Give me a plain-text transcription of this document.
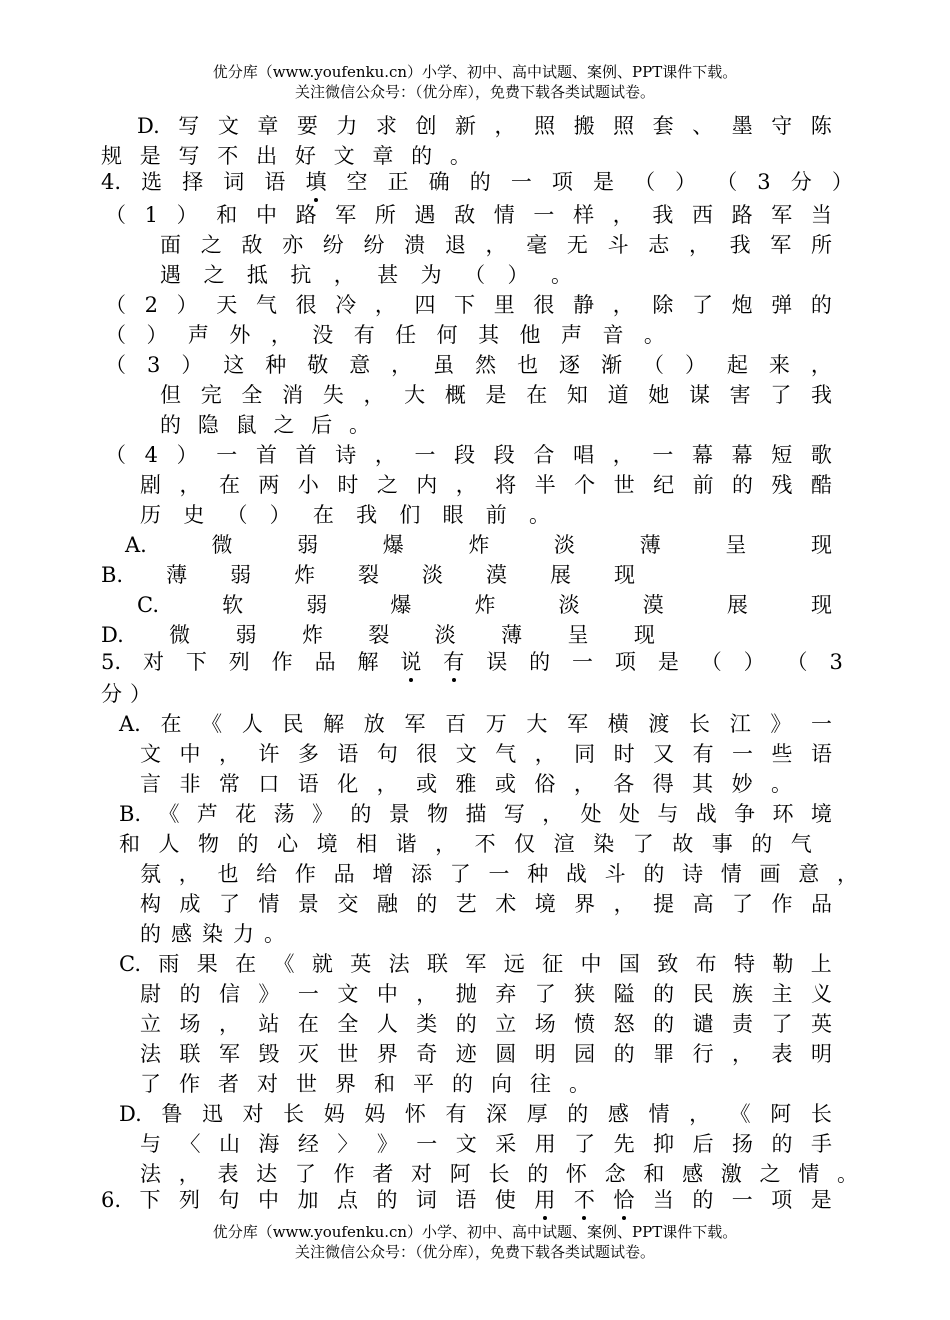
优分库（www.youfenku.cn）小学、初中、高中试题、案例、PPT课件下载。
关注微信公众号：（优分库），免费下载各类试题试卷。
D. 写 文 章 要 力 求 创 新 ， 照 搬 照 套 、 墨 守 陈
规 是 写 不 出 好 文 章 的 。
4. 选 择 词 语 填 空 正 确 的 一 项 是 （ ） （ 3 分 ）
（ 1 ） 和 中 路 军 所 遇 敌 情 一 样 ， 我 西 路 军 当
面 之 敌 亦 纷 纷 溃 退 ， 毫 无 斗 志 ， 我 军 所
遇 之 抵 抗 ， 甚 为 （ ） 。
（ 2 ） 天 气 很 冷 ， 四 下 里 很 静 ， 除 了 炮 弹 的
（ ） 声 外 ， 没 有 任 何 其 他 声 音 。
（ 3 ） 这 种 敬 意 ， 虽 然 也 逐 渐 （ ） 起 来 ，
但 完 全 消 失 ， 大 概 是 在 知 道 她 谋 害 了 我
的 隐 鼠 之 后 。
（ 4 ） 一 首 首 诗 ， 一 段 段 合 唱 ， 一 幕 幕 短 歌
剧 ， 在 两 小 时 之 内 ， 将 半 个 世 纪 前 的 残 酷
历 史 （ ） 在 我 们 眼 前 。
A.	微	弱	爆	炸	淡	薄	呈	现
B. 薄 弱 炸 裂 淡 漠 展 现
C.	软	弱	爆	炸	淡	漠	展	现
D. 微 弱 炸 裂 淡 薄 呈 现
5. 对 下 列 作 品 解 说 有 误 的 一 项 是 （ ） （ 3
分 ）
A. 在 《 人 民 解 放 军 百 万 大 军 横 渡 长 江 》 一
文 中 ， 许 多 语 句 很 文 气 ， 同 时 又 有 一 些 语
言 非 常 口 语 化 ， 或 雅 或 俗 ， 各 得 其 妙 。
B. 《 芦 花 荡 》 的 景 物 描 写 ， 处 处 与 战 争 环 境
和 人 物 的 心 境 相 谐 ， 不 仅 渲 染 了 故 事 的 气
氛 ， 也 给 作 品 增 添 了 一 种 战 斗 的 诗 情 画 意 ，
构 成 了 情 景 交 融 的 艺 术 境 界 ， 提 高 了 作 品
的 感 染 力 。
C. 雨 果 在 《 就 英 法 联 军 远 征 中 国 致 布 特 勒 上
尉 的 信 》 一 文 中 ， 抛 弃 了 狭 隘 的 民 族 主 义
立 场 ， 站 在 全 人 类 的 立 场 愤 怒 的 谴 责 了 英
法 联 军 毁 灭 世 界 奇 迹 圆 明 园 的 罪 行 ， 表 明
了 作 者 对 世 界 和 平 的 向 往 。
D. 鲁 迅 对 长 妈 妈 怀 有 深 厚 的 感 情 ， 《 阿 长
与 〈 山 海 经 〉 》 一 文 采 用 了 先 抑 后 扬 的 手
法 ， 表 达 了 作 者 对 阿 长 的 怀 念 和 感 激 之 情 。
6. 下 列 句 中 加 点 的 词 语 使 用 不 恰 当 的 一 项 是
优分库（www.youfenku.cn）小学、初中、高中试题、案例、PPT课件下载。
关注微信公众号：（优分库），免费下载各类试题试卷。
